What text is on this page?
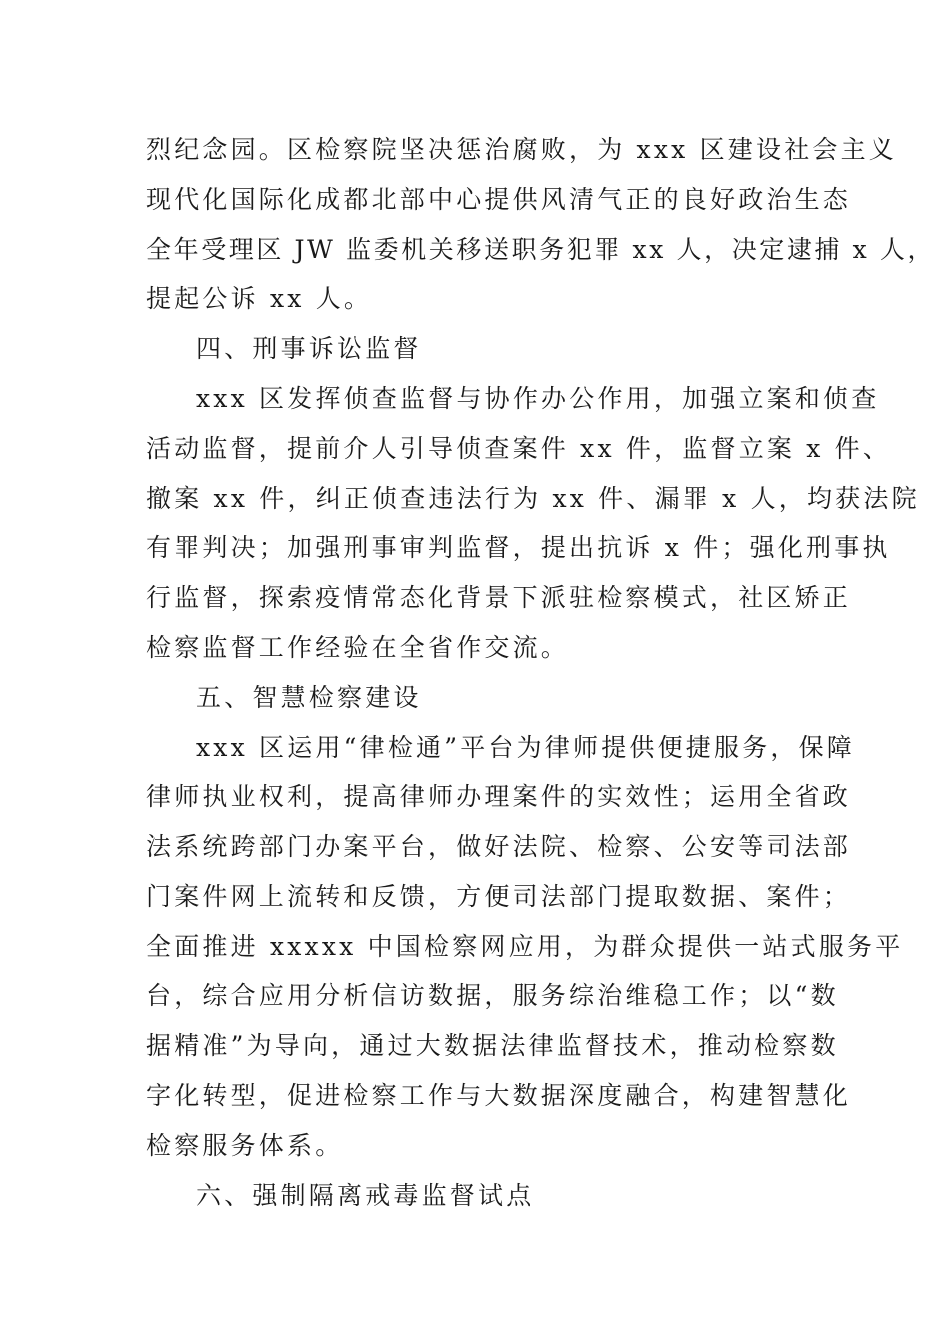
烈纪念园。区检察院坚决惩治腐败，为 xxx 区建设社会主义
现代化国际化成都北部中心提供风清气正的良好政治生态
全年受理区 JW 监委机关移送职务犯罪 xx 人，决定逮捕 x 人，
提起公诉 xx 人。
四、刑事诉讼监督
xxx 区发挥侦查监督与协作办公作用，加强立案和侦查
活动监督，提前介人引导侦查案件 xx 件，监督立案 x 件、
撤案 xx 件，纠正侦查违法行为 xx 件、漏罪 x 人，均获法院
有罪判决；加强刑事审判监督，提出抗诉 x 件；强化刑事执
行监督，探索疫情常态化背景下派驻检察模式，社区矫正
检察监督工作经验在全省作交流。
五、智慧检察建设
xxx 区运用“律检通”平台为律师提供便捷服务，保障
律师执业权利，提高律师办理案件的实效性；运用全省政
法系统跨部门办案平台，做好法院、检察、公安等司法部
门案件网上流转和反馈，方便司法部门提取数据、案件；
全面推进 xxxxx 中国检察网应用，为群众提供一站式服务平
台，综合应用分析信访数据，服务综治维稳工作；以“数
据精准”为导向，通过大数据法律监督技术，推动检察数
字化转型，促进检察工作与大数据深度融合，构建智慧化
检察服务体系。
六、强制隔离戒毒监督试点
